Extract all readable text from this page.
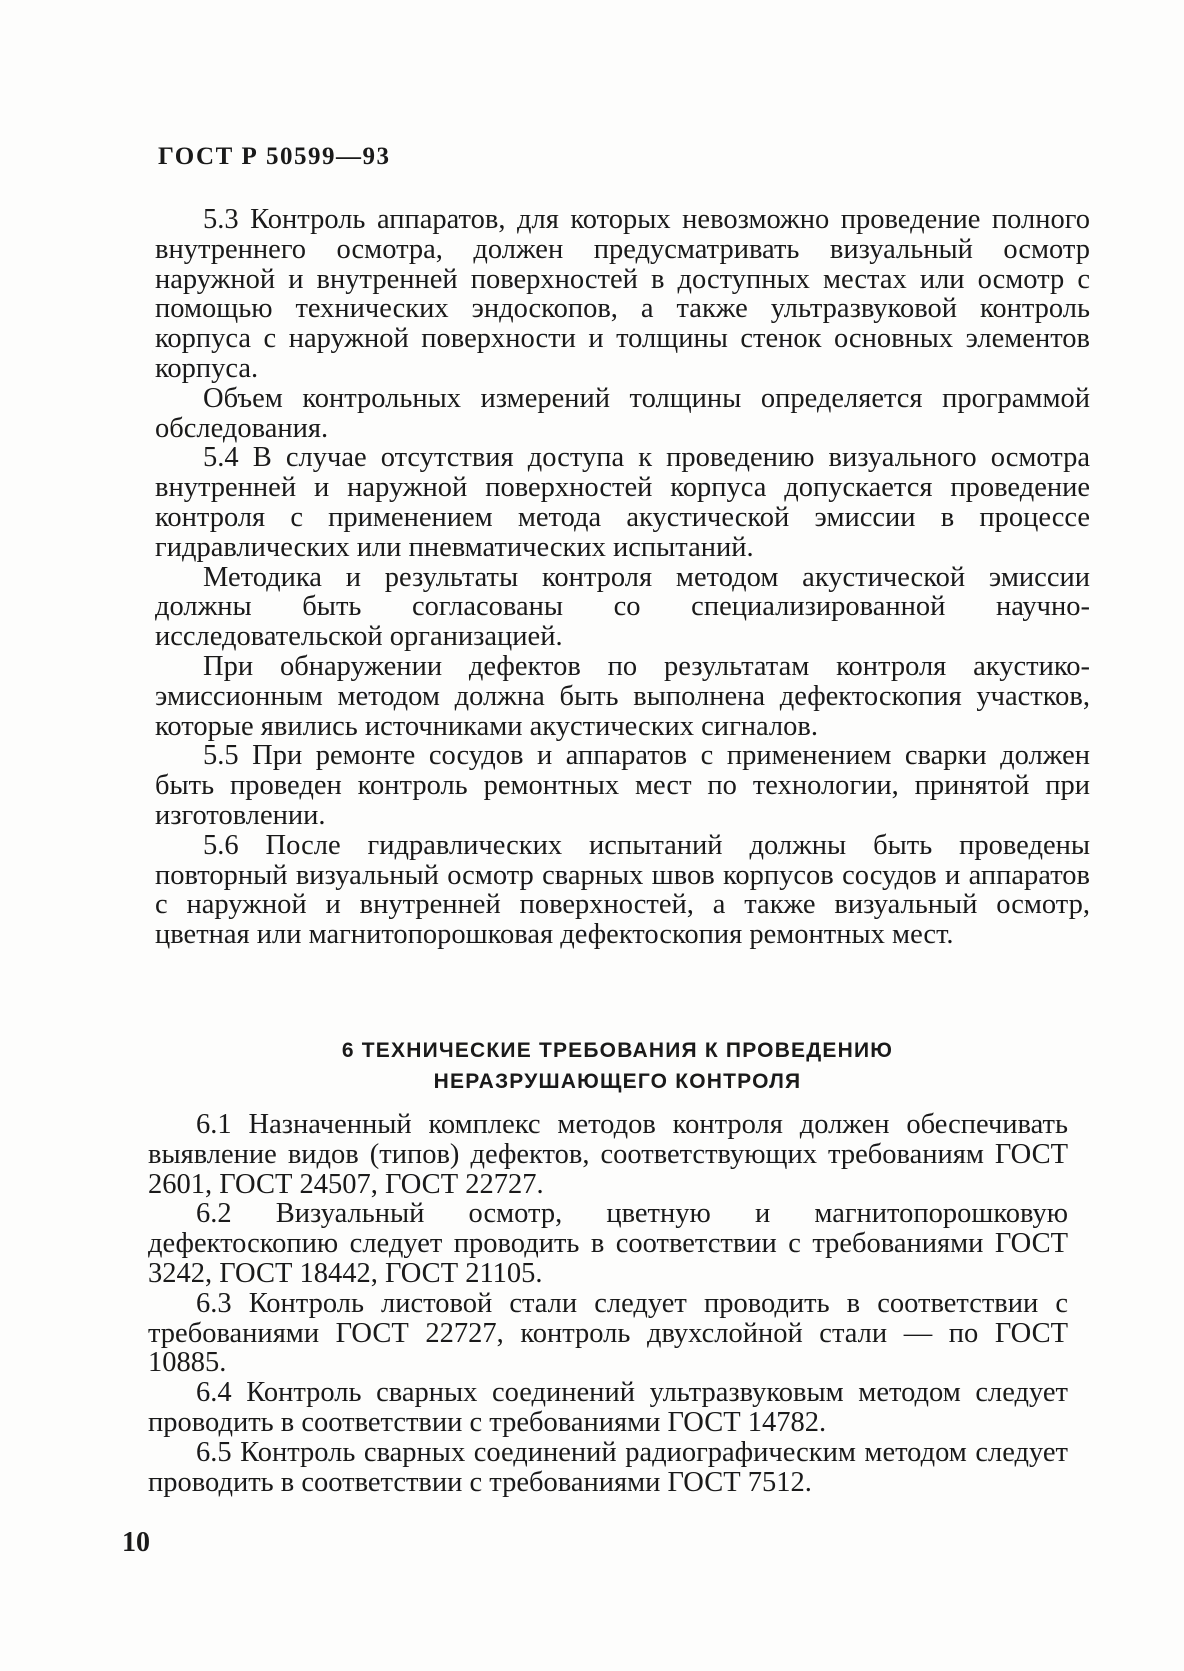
ГОСТ Р 50599—93

5.3 Контроль аппаратов, для которых невозможно проведение полного внутреннего осмотра, должен предусматривать визуальный осмотр наружной и внутренней поверхностей в доступных местах или осмотр с помощью технических эндоскопов, а также ультразвуковой контроль корпуса с наружной поверхности и толщины стенок основных элементов корпуса.

Объем контрольных измерений толщины определяется программой обследования.

5.4 В случае отсутствия доступа к проведению визуального осмотра внутренней и наружной поверхностей корпуса допускается проведение контроля с применением метода акустической эмиссии в процессе гидравлических или пневматических испытаний.

Методика и результаты контроля методом акустической эмиссии должны быть согласованы со специализированной научно-исследовательской организацией.

При обнаружении дефектов по результатам контроля акустико-эмиссионным методом должна быть выполнена дефектоскопия участков, которые явились источниками акустических сигналов.

5.5 При ремонте сосудов и аппаратов с применением сварки должен быть проведен контроль ремонтных мест по технологии, принятой при изготовлении.

5.6 После гидравлических испытаний должны быть проведены повторный визуальный осмотр сварных швов корпусов сосудов и аппаратов с наружной и внутренней поверхностей, а также визуальный осмотр, цветная или магнитопорошковая дефектоскопия ремонтных мест.

6 ТЕХНИЧЕСКИЕ ТРЕБОВАНИЯ К ПРОВЕДЕНИЮ
НЕРАЗРУШАЮЩЕГО КОНТРОЛЯ

6.1 Назначенный комплекс методов контроля должен обеспечивать выявление видов (типов) дефектов, соответствующих требованиям ГОСТ 2601, ГОСТ 24507, ГОСТ 22727.

6.2 Визуальный осмотр, цветную и магнитопорошковую дефектоскопию следует проводить в соответствии с требованиями ГОСТ 3242, ГОСТ 18442, ГОСТ 21105.

6.3 Контроль листовой стали следует проводить в соответствии с требованиями ГОСТ 22727, контроль двухслойной стали — по ГОСТ 10885.

6.4 Контроль сварных соединений ультразвуковым методом следует проводить в соответствии с требованиями ГОСТ 14782.

6.5 Контроль сварных соединений радиографическим методом следует проводить в соответствии с требованиями ГОСТ 7512.

10
